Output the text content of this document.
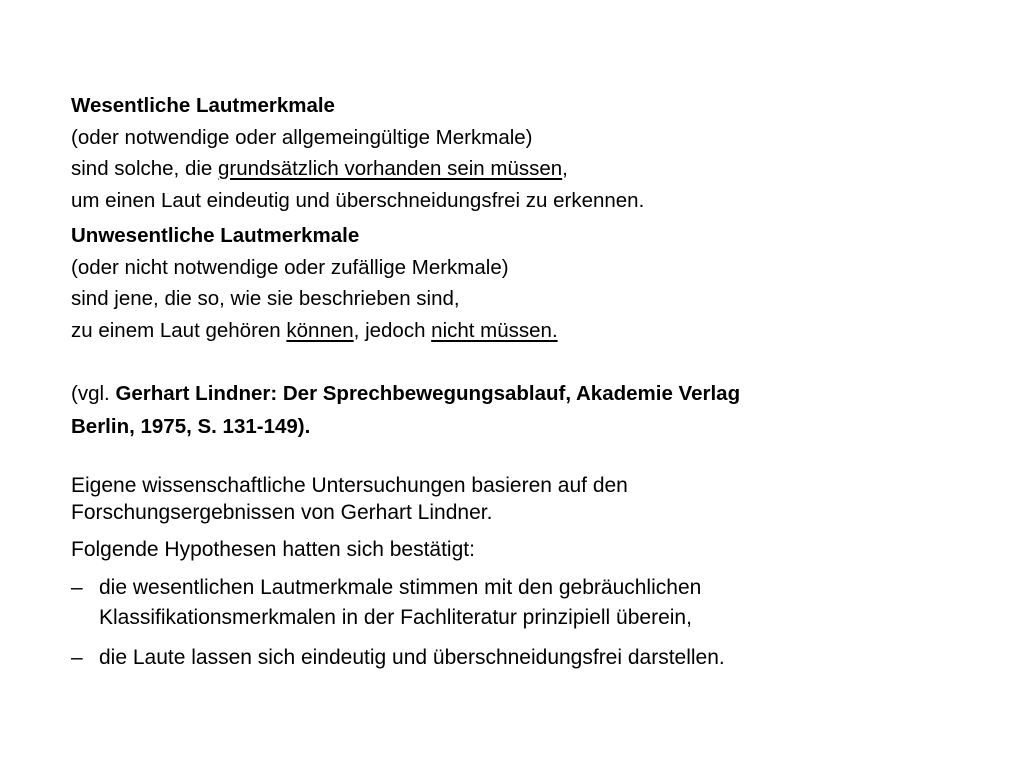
Wesentliche Lautmerkmale
(oder notwendige oder allgemeingültige Merkmale)
sind solche, die grundsätzlich vorhanden sein müssen,
um einen Laut eindeutig und überschneidungsfrei zu erkennen.
Unwesentliche Lautmerkmale
(oder nicht notwendige oder zufällige Merkmale)
sind jene, die so, wie sie beschrieben sind,
zu einem Laut gehören können, jedoch nicht müssen.
(vgl. Gerhart Lindner: Der Sprechbewegungsablauf, Akademie Verlag
Berlin, 1975, S. 131-149).
Eigene wissenschaftliche Untersuchungen basieren auf den
Forschungsergebnissen von Gerhart Lindner.
Folgende Hypothesen hatten sich bestätigt:
– die wesentlichen Lautmerkmale stimmen mit den gebräuchlichen
Klassifikationsmerkmalen in der Fachliteratur prinzipiell überein,
– die Laute lassen sich eindeutig und überschneidungsfrei darstellen.
